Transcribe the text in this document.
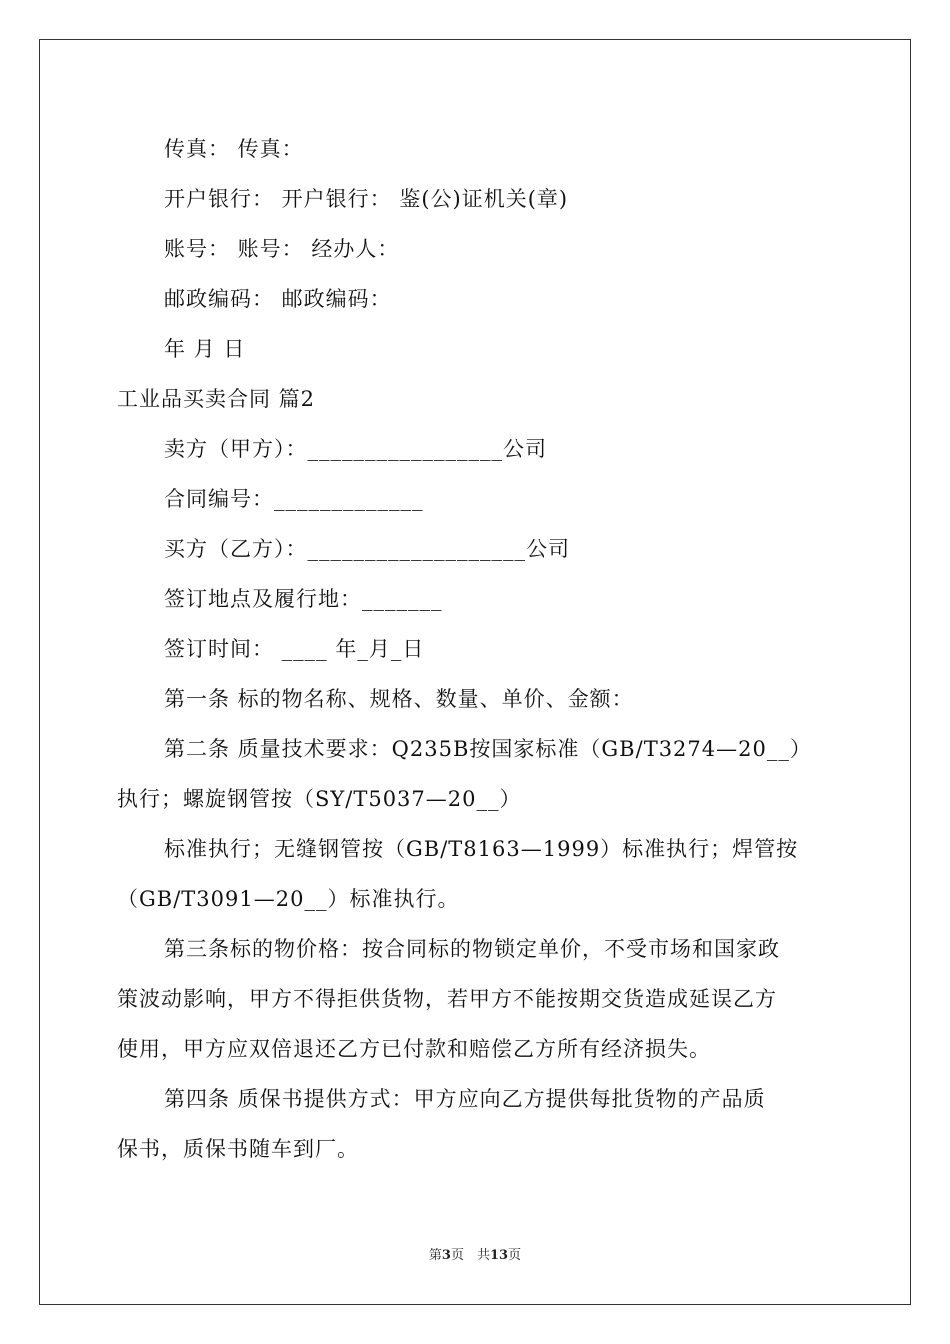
传真： 传真：
开户银行： 开户银行： 鉴(公)证机关(章)
账号： 账号： 经办人：
邮政编码： 邮政编码：
年 月 日
工业品买卖合同 篇2
卖方（甲方）：_________________公司
合同编号：_____________
买方（乙方）：___________________公司
签订地点及履行地：_______
签订时间： ____ 年_月_日
第一条 标的物名称、规格、数量、单价、金额：
第二条 质量技术要求：Q235B按国家标准（GB/T3274—20__）
执行；螺旋钢管按（SY/T5037—20__）
标准执行；无缝钢管按（GB/T8163—1999）标准执行；焊管按
（GB/T3091—20__）标准执行。
第三条标的物价格：按合同标的物锁定单价，不受市场和国家政
策波动影响，甲方不得拒供货物，若甲方不能按期交货造成延误乙方
使用，甲方应双倍退还乙方已付款和赔偿乙方所有经济损失。
第四条 质保书提供方式：甲方应向乙方提供每批货物的产品质
保书，质保书随车到厂。
第3页　共13页
